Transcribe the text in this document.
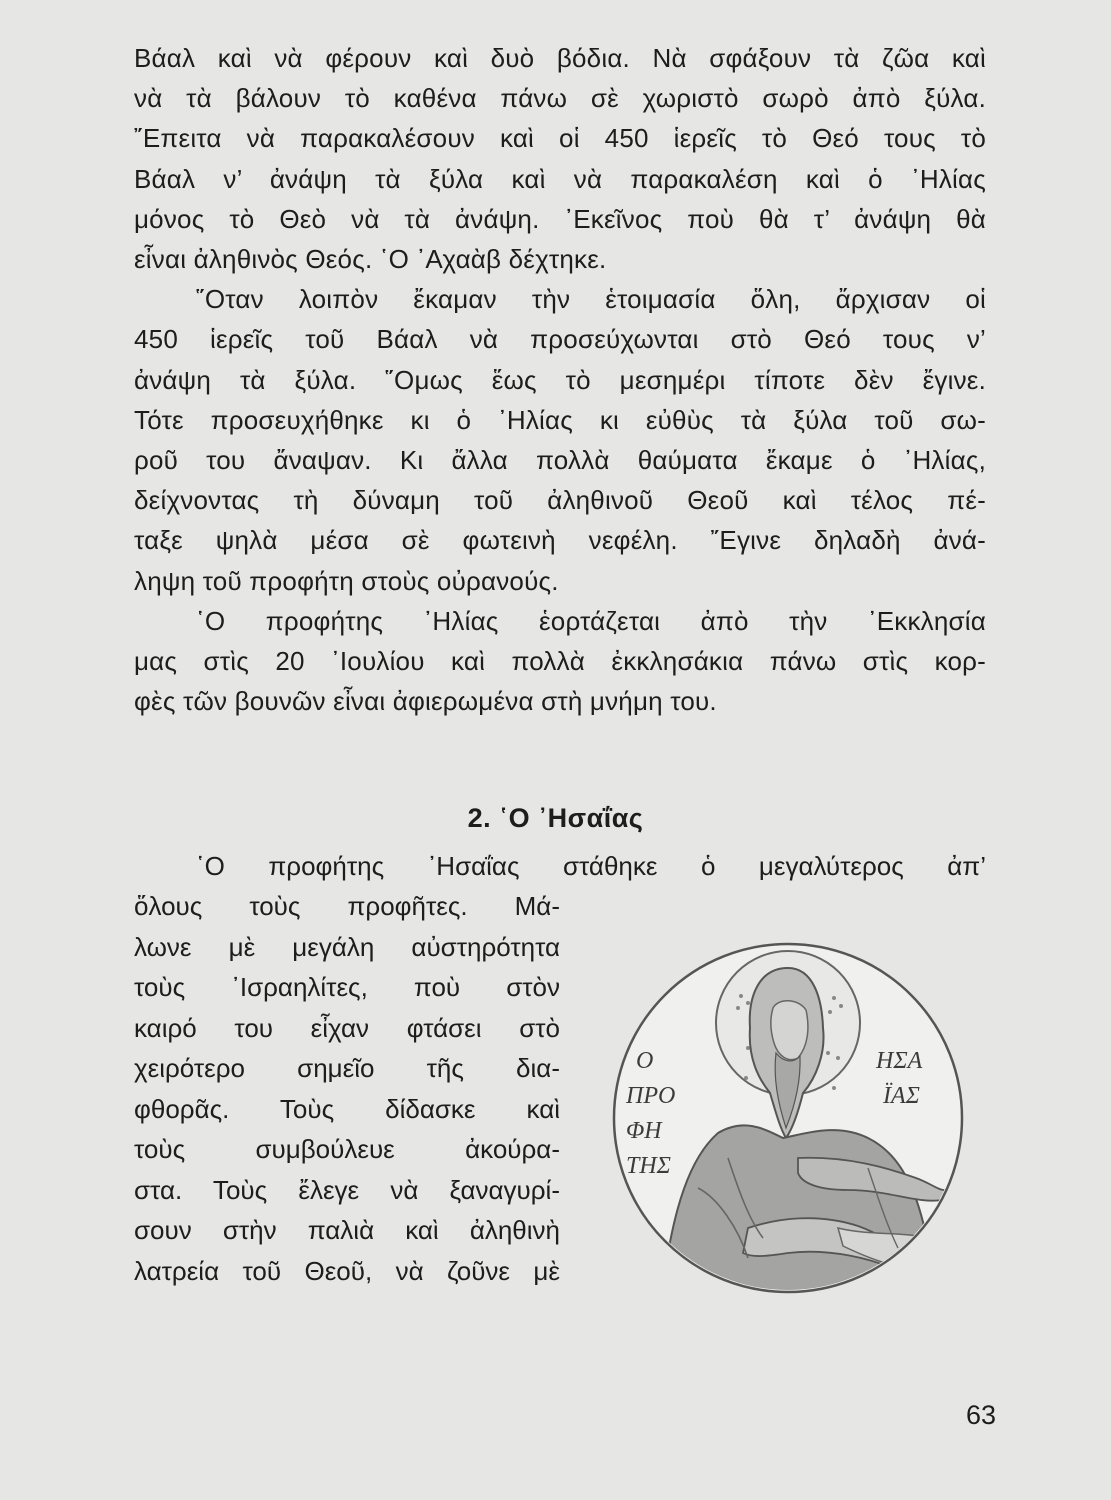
Βάαλ καὶ νὰ φέρουν καὶ δυὸ βόδια. Νὰ σφάξουν τὰ ζῶα καὶ
νὰ τὰ βάλουν τὸ καθένα πάνω σὲ χωριστὸ σωρὸ ἀπὸ ξύλα.
῎Επειτα νὰ παρακαλέσουν καὶ οἱ 450 ἱερεῖς τὸ Θεό τους τὸ
Βάαλ ν’ ἀνάψη τὰ ξύλα καὶ νὰ παρακαλέση καὶ ὁ ᾿Ηλίας
μόνος τὸ Θεὸ νὰ τὰ ἀνάψη. ᾿Εκεῖνος ποὺ θὰ τ’ ἀνάψη θὰ
εἶναι ἀληθινὸς Θεός. ῾Ο ᾿Αχαὰβ δέχτηκε.
῞Οταν λοιπὸν ἔκαμαν τὴν ἑτοιμασία ὅλη, ἄρχισαν οἱ
450 ἱερεῖς τοῦ Βάαλ νὰ προσεύχωνται στὸ Θεό τους ν’
ἀνάψη τὰ ξύλα. ῞Ομως ἕως τὸ μεσημέρι τίποτε δὲν ἔγινε.
Τότε προσευχήθηκε κι ὁ ᾿Ηλίας κι εὐθὺς τὰ ξύλα τοῦ σω-
ροῦ του ἄναψαν. Κι ἄλλα πολλὰ θαύματα ἔκαμε ὁ ᾿Ηλίας,
δείχνοντας τὴ δύναμη τοῦ ἀληθινοῦ Θεοῦ καὶ τέλος πέ-
ταξε ψηλὰ μέσα σὲ φωτεινὴ νεφέλη. ῎Εγινε δηλαδὴ ἀνά-
ληψη τοῦ προφήτη στοὺς οὐρανούς.
῾Ο προφήτης ᾿Ηλίας ἑορτάζεται ἀπὸ τὴν ᾿Εκκλησία
μας στὶς 20 ᾿Ιουλίου καὶ πολλὰ ἐκκλησάκια πάνω στὶς κορ-
φὲς τῶν βουνῶν εἶναι ἀφιερωμένα στὴ μνήμη του.
2. ῾Ο ᾿Ησαΐας
῾Ο προφήτης ᾿Ησαΐας στάθηκε ὁ μεγαλύτερος ἀπ’
ὅλους τοὺς προφῆτες. Μά-
λωνε μὲ μεγάλη αὐστηρότητα
τοὺς ᾿Ισραηλίτες, ποὺ στὸν
καιρό του εἶχαν φτάσει στὸ
χειρότερο σημεῖο τῆς δια-
φθορᾶς. Τοὺς δίδασκε καὶ
τοὺς συμβούλευε ἀκούρα-
στα. Τοὺς ἔλεγε νὰ ξαναγυρί-
σουν στὴν παλιὰ καὶ ἀληθινὴ
λατρεία τοῦ Θεοῦ, νὰ ζοῦνε μὲ
Ο
ΠΡΟ
ΦΗ
ΤΗΣ
ΗΣΑ
ΪΑΣ
63
